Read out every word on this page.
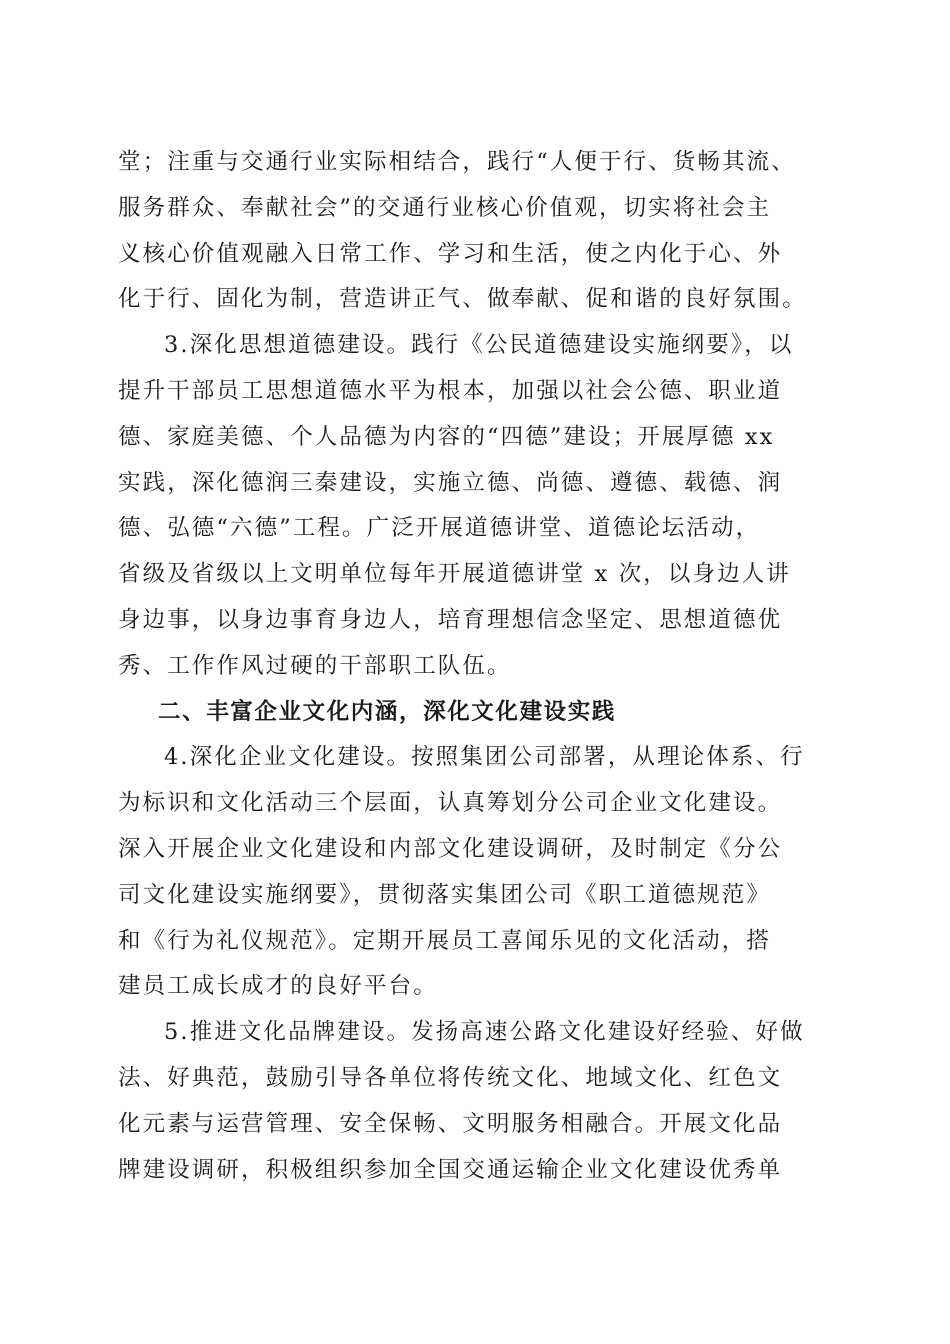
堂；注重与交通行业实际相结合，践行“人便于行、货畅其流、
服务群众、奉献社会”的交通行业核心价值观，切实将社会主
义核心价值观融入日常工作、学习和生活，使之内化于心、外
化于行、固化为制，营造讲正气、做奉献、促和谐的良好氛围。
3.深化思想道德建设。践行《公民道德建设实施纲要》，以
提升干部员工思想道德水平为根本，加强以社会公德、职业道
德、家庭美德、个人品德为内容的“四德”建设；开展厚德 xx
实践，深化德润三秦建设，实施立德、尚德、遵德、载德、润
德、弘德“六德”工程。广泛开展道德讲堂、道德论坛活动，
省级及省级以上文明单位每年开展道德讲堂 x 次，以身边人讲
身边事，以身边事育身边人，培育理想信念坚定、思想道德优
秀、工作作风过硬的干部职工队伍。
二、丰富企业文化内涵，深化文化建设实践
4.深化企业文化建设。按照集团公司部署，从理论体系、行
为标识和文化活动三个层面，认真筹划分公司企业文化建设。
深入开展企业文化建设和内部文化建设调研，及时制定《分公
司文化建设实施纲要》，贯彻落实集团公司《职工道德规范》
和《行为礼仪规范》。定期开展员工喜闻乐见的文化活动，搭
建员工成长成才的良好平台。
5.推进文化品牌建设。发扬高速公路文化建设好经验、好做
法、好典范，鼓励引导各单位将传统文化、地域文化、红色文
化元素与运营管理、安全保畅、文明服务相融合。开展文化品
牌建设调研，积极组织参加全国交通运输企业文化建设优秀单
